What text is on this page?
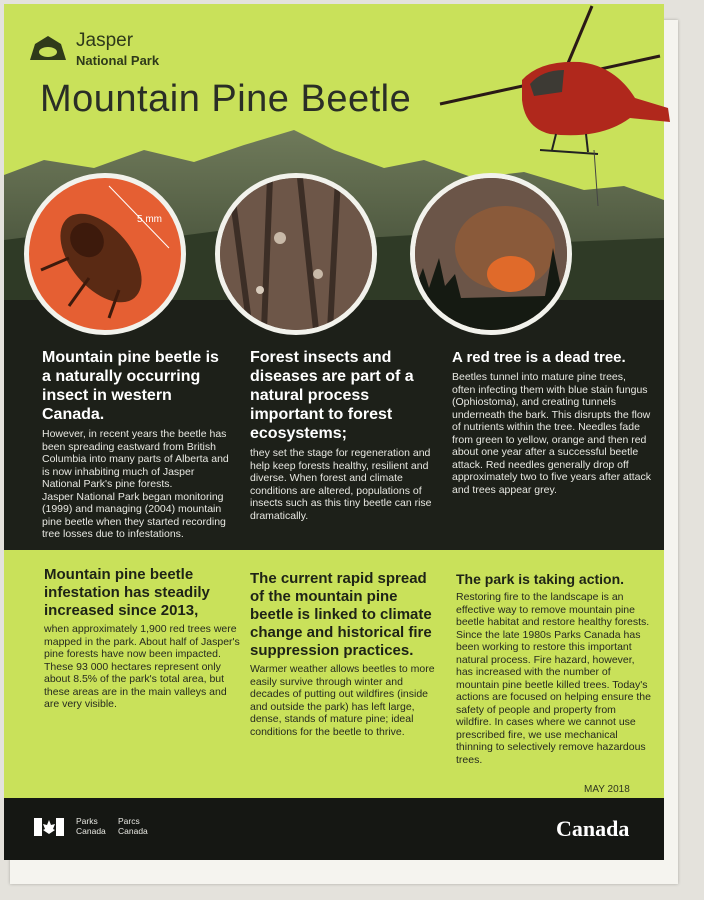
Jasper
National Park
Mountain Pine Beetle
5 mm
Mountain pine beetle is a naturally occurring insect in western Canada.

However, in recent years the beetle has been spreading eastward from British Columbia into many parts of Alberta and is now inhabiting much of Jasper National Park's pine forests.

Jasper National Park began monitoring (1999) and managing (2004) mountain pine beetle when they started recording tree losses due to infestations.

Forest insects and diseases are part of a natural process important to forest ecosystems;

they set the stage for regeneration and help keep forests healthy, resilient and diverse. When forest and climate conditions are altered, populations of insects such as this tiny beetle can rise dramatically.

A red tree is a dead tree.

Beetles tunnel into mature pine trees, often infecting them with blue stain fungus (Ophiostoma), and creating tunnels underneath the bark. This disrupts the flow of nutrients within the tree. Needles fade from green to yellow, orange and then red about one year after a successful beetle attack. Red needles generally drop off approximately two to five years after attack and trees appear grey.

Mountain pine beetle infestation has steadily increased since 2013,

when approximately 1,900 red trees were mapped in the park. About half of Jasper's pine forests have now been impacted. These 93 000 hectares represent only about 8.5% of the park's total area, but these areas are in the main valleys and are very visible.

The current rapid spread of the mountain pine beetle is linked to climate change and historical fire suppression practices.

Warmer weather allows beetles to more easily survive through winter and decades of putting out wildfires (inside and outside the park) has left large, dense, stands of mature pine; ideal conditions for the beetle to thrive.

The park is taking action.

Restoring fire to the landscape is an effective way to remove mountain pine beetle habitat and restore healthy forests. Since the late 1980s Parks Canada has been working to restore this important natural process. Fire hazard, however, has increased with the number of mountain pine beetle killed trees. Today's actions are focused on helping ensure the safety of people and property from wildfire. In cases where we cannot use prescribed fire, we use mechanical thinning to selectively remove hazardous trees.

MAY 2018
Parks
Canada
Parcs
Canada	Canada
